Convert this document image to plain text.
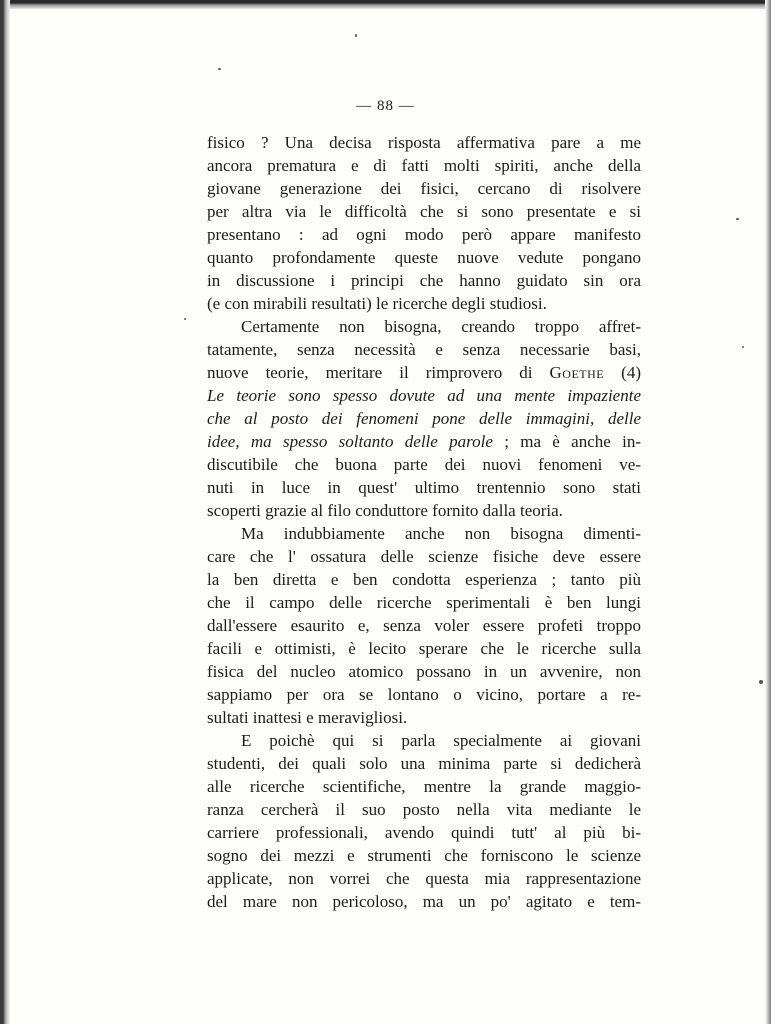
— 88 —
fisico ? Una decisa risposta affermativa pare a me
ancora prematura e di fatti molti spiriti, anche della
giovane generazione dei fisici, cercano di risolvere
per altra via le difficoltà che si sono presentate e si
presentano : ad ogni modo però appare manifesto
quanto profondamente queste nuove vedute pongano
in discussione i principi che hanno guidato sin ora
(e con mirabili resultati) le ricerche degli studiosi.
Certamente non bisogna, creando troppo affret-
tatamente, senza necessità e senza necessarie basi,
nuove teorie, meritare il rimprovero di Goethe (4)
Le teorie sono spesso dovute ad una mente impaziente
che al posto dei fenomeni pone delle immagini, delle
idee, ma spesso soltanto delle parole ; ma è anche in-
discutibile che buona parte dei nuovi fenomeni ve-
nuti in luce in quest' ultimo trentennio sono stati
scoperti grazie al filo conduttore fornito dalla teoria.
Ma indubbiamente anche non bisogna dimenti-
care che l' ossatura delle scienze fisiche deve essere
la ben diretta e ben condotta esperienza ; tanto più
che il campo delle ricerche sperimentali è ben lungi
dall'essere esaurito e, senza voler essere profeti troppo
facili e ottimisti, è lecito sperare che le ricerche sulla
fisica del nucleo atomico possano in un avvenire, non
sappiamo per ora se lontano o vicino, portare a re-
sultati inattesi e meravigliosi.
E poichè qui si parla specialmente ai giovani
studenti, dei quali solo una minima parte si dedicherà
alle ricerche scientifiche, mentre la grande maggio-
ranza cercherà il suo posto nella vita mediante le
carriere professionali, avendo quindi tutt' al più bi-
sogno dei mezzi e strumenti che forniscono le scienze
applicate, non vorrei che questa mia rappresentazione
del mare non pericoloso, ma un po' agitato e tem-
